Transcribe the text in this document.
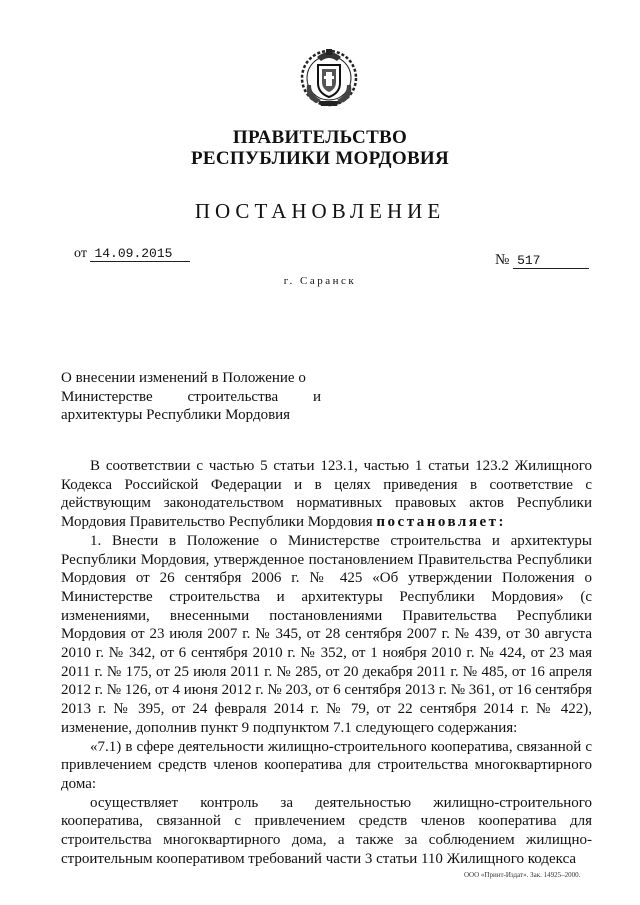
ПРАВИТЕЛЬСТВО
РЕСПУБЛИКИ МОРДОВИЯ
ПОСТАНОВЛЕНИЕ
от 14.09.2015	№ 517
г. Саранск
О внесении изменений в Положение о
Министерстве строительства и
архитектуры Республики Мордовия

В соответствии с частью 5 статьи 123.1, частью 1 статьи 123.2 Жилищного Кодекса Российской Федерации и в целях приведения в соответствие с действующим законодательством нормативных правовых актов Республики Мордовия Правительство Республики Мордовия постановляет:

1. Внести в Положение о Министерстве строительства и архитектуры Республики Мордовия, утвержденное постановлением Правительства Республики Мордовия от 26 сентября 2006 г. № 425 «Об утверждении Положения о Министерстве строительства и архитектуры Республики Мордовия» (с изменениями, внесенными постановлениями Правительства Республики Мордовия от 23 июля 2007 г. № 345, от 28 сентября 2007 г. № 439, от 30 августа 2010 г. № 342, от 6 сентября 2010 г. № 352, от 1 ноября 2010 г. № 424, от 23 мая 2011 г. № 175, от 25 июля 2011 г. № 285, от 20 декабря 2011 г. № 485, от 16 апреля 2012 г. № 126, от 4 июня 2012 г. № 203, от 6 сентября 2013 г. № 361, от 16 сентября 2013 г. № 395, от 24 февраля 2014 г. № 79, от 22 сентября 2014 г. № 422), изменение, дополнив пункт 9 подпунктом 7.1 следующего содержания:

«7.1) в сфере деятельности жилищно-строительного кооператива, связанной с привлечением средств членов кооператива для строительства многоквартирного дома:

осуществляет контроль за деятельностью жилищно-строительного кооператива, связанной с привлечением средств членов кооператива для строительства многоквартирного дома, а также за соблюдением жилищно-строительным кооперативом требований части 3 статьи 110 Жилищного кодекса

ООО «Принт-Издат». Зак. 14925–2000.
